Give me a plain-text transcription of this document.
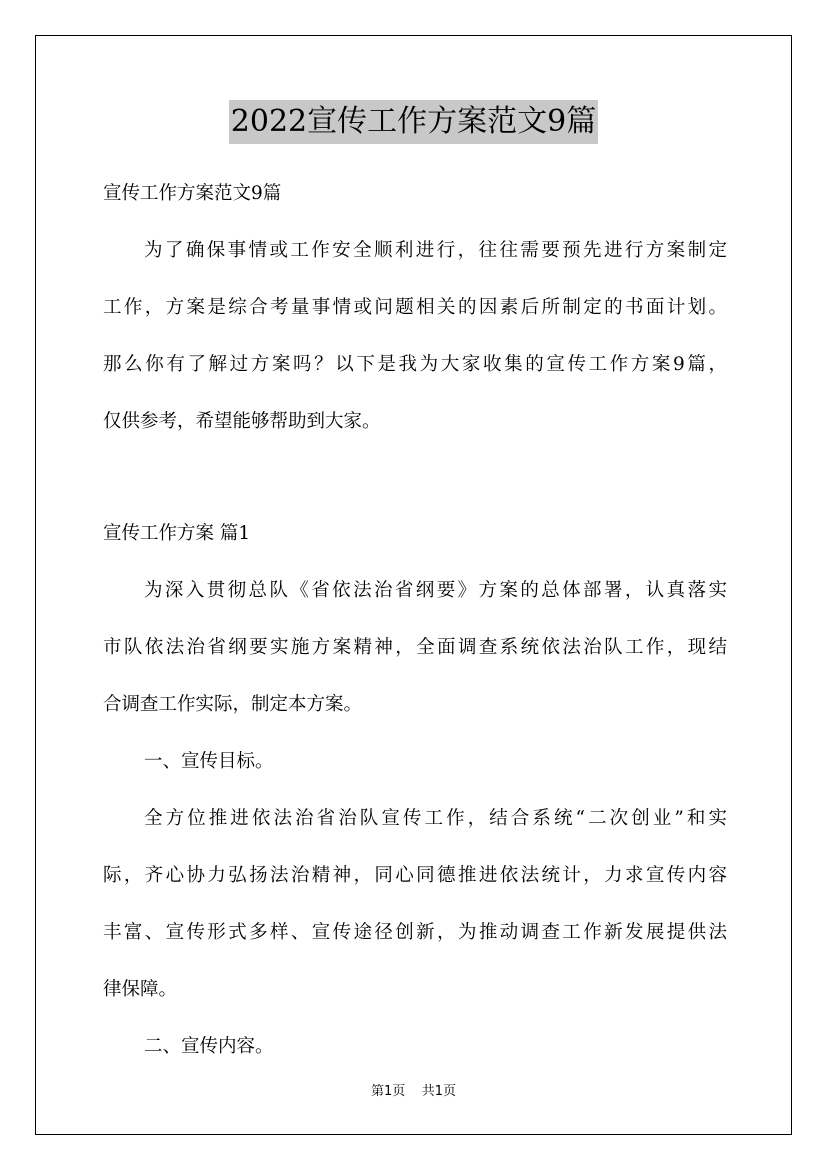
2022宣传工作方案范文9篇
宣传工作方案范文9篇
为了确保事情或工作安全顺利进行，往往需要预先进行方案制定
工作，方案是综合考量事情或问题相关的因素后所制定的书面计划。
那么你有了解过方案吗？以下是我为大家收集的宣传工作方案9篇，
仅供参考，希望能够帮助到大家。
宣传工作方案 篇1
为深入贯彻总队《省依法治省纲要》方案的总体部署，认真落实
市队依法治省纲要实施方案精神，全面调查系统依法治队工作，现结
合调查工作实际，制定本方案。
一、宣传目标。
全方位推进依法治省治队宣传工作，结合系统“二次创业”和实
际，齐心协力弘扬法治精神，同心同德推进依法统计，力求宣传内容
丰富、宣传形式多样、宣传途径创新，为推动调查工作新发展提供法
律保障。
二、宣传内容。
第1页 共1页
